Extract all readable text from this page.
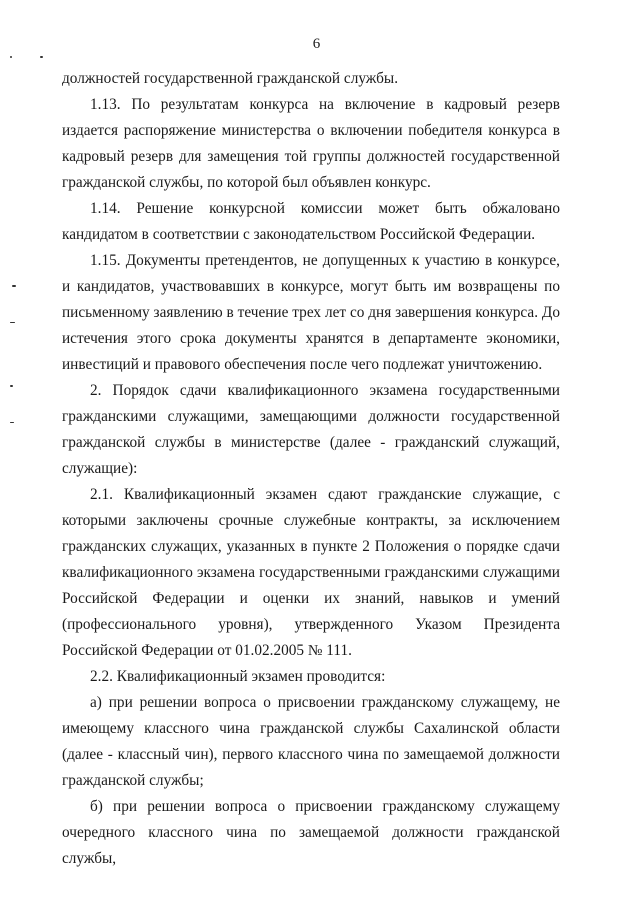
6

должностей государственной гражданской службы.

1.13. По результатам конкурса на включение в кадровый резерв издается распоряжение министерства о включении победителя конкурса в кадровый резерв для замещения той группы должностей государственной гражданской службы, по которой был объявлен конкурс.

1.14. Решение конкурсной комиссии может быть обжаловано кандидатом в соответствии с законодательством Российской Федерации.

1.15. Документы претендентов, не допущенных к участию в конкурсе, и кандидатов, участвовавших в конкурсе, могут быть им возвращены по письменному заявлению в течение трех лет со дня завершения конкурса. До истечения этого срока документы хранятся в департаменте экономики, инвестиций и правового обеспечения после чего подлежат уничтожению.

2. Порядок сдачи квалификационного экзамена государственными гражданскими служащими, замещающими должности государственной гражданской службы в министерстве (далее - гражданский служащий, служащие):

2.1. Квалификационный экзамен сдают гражданские служащие, с которыми заключены срочные служебные контракты, за исключением гражданских служащих, указанных в пункте 2 Положения о порядке сдачи квалификационного экзамена государственными гражданскими служащими Российской Федерации и оценки их знаний, навыков и умений (профессионального уровня), утвержденного Указом Президента Российской Федерации от 01.02.2005 № 111.

2.2. Квалификационный экзамен проводится:

а) при решении вопроса о присвоении гражданскому служащему, не имеющему классного чина гражданской службы Сахалинской области (далее - классный чин), первого классного чина по замещаемой должности гражданской службы;

б) при решении вопроса о присвоении гражданскому служащему очередного классного чина по замещаемой должности гражданской службы,
